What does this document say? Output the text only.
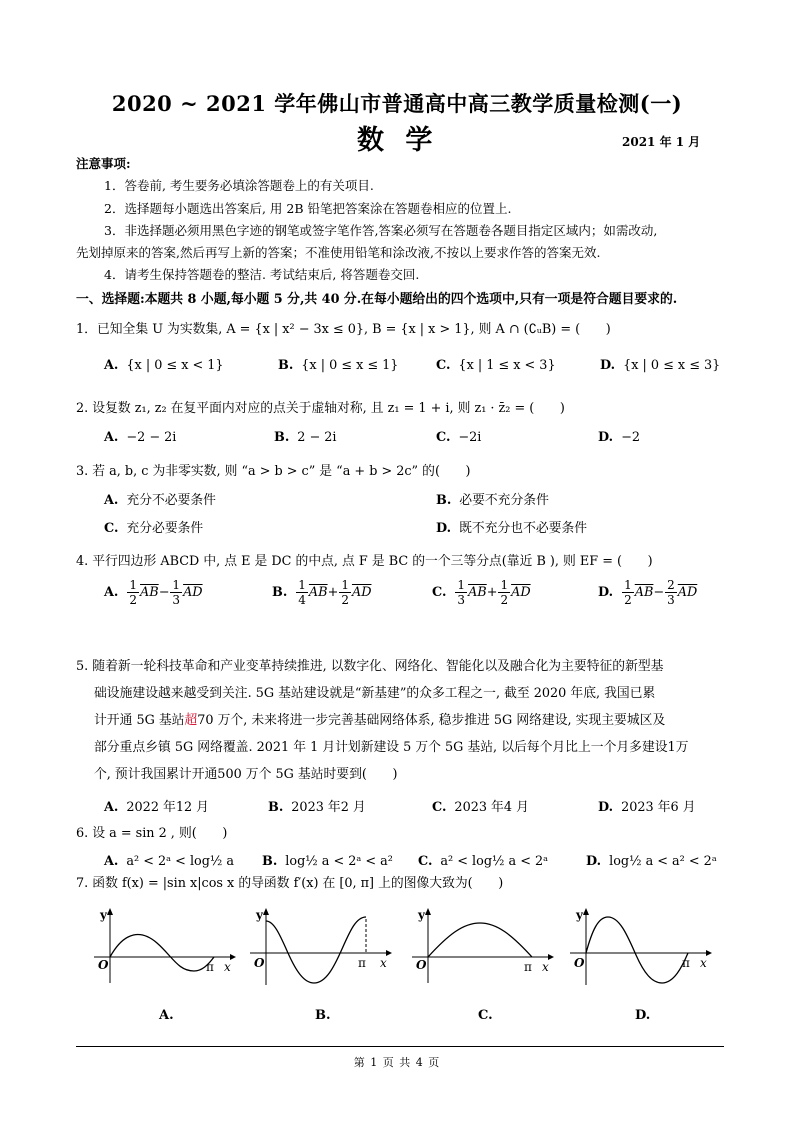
2020 ~ 2021 学年佛山市普通高中高三教学质量检测(一)
数 学	2021 年 1 月
注意事项:
1．答卷前, 考生要务必填涂答题卷上的有关项目.
2．选择题每小题选出答案后, 用 2B 铅笔把答案涂在答题卷相应的位置上.
3．非选择题必须用黑色字迹的钢笔或签字笔作答,答案必须写在答题卷各题目指定区域内；如需改动,
先划掉原来的答案,然后再写上新的答案；不准使用铅笔和涂改液,不按以上要求作答的答案无效.
4．请考生保持答题卷的整洁. 考试结束后, 将答题卷交回.
一、选择题:本题共 8 小题,每小题 5 分,共 40 分.在每小题给出的四个选项中,只有一项是符合题目要求的.
1．已知全集 U 为实数集, A = {x | x² − 3x ≤ 0}, B = {x | x > 1}, 则 A ∩ (∁ᵤB) = (　　)
A. {x | 0 ≤ x < 1}	B. {x | 0 ≤ x ≤ 1}	C. {x | 1 ≤ x < 3}	D. {x | 0 ≤ x ≤ 3}
2. 设复数 z₁, z₂ 在复平面内对应的点关于虚轴对称, 且 z₁ = 1 + i, 则 z₁ · z̄₂ = (　　)
A. −2 − 2i	B. 2 − 2i	C. −2i	D. −2
3. 若 a, b, c 为非零实数, 则 “a > b > c” 是 “a + b > 2c” 的(　　)
A. 充分不必要条件	B. 必要不充分条件
C. 充分必要条件	D. 既不充分也不必要条件
4. 平行四边形 ABCD 中, 点 E 是 DC 的中点, 点 F 是 BC 的一个三等分点(靠近 B ), 则 EF = (　　)
A. $\frac{1}{2} \overline{AB}- \frac{1}{3} \overline{AD}$	B. $\frac{1}{4} \overline{AB}+ \frac{1}{2} \overline{AD}$	C. $\frac{1}{3} \overline{AB}+ \frac{1}{2} \overline{AD}$	D. $\frac{1}{2} \overline{AB}- \frac{2}{3} \overline{AD}$
5. 随着新一轮科技革命和产业变革持续推进, 以数字化、网络化、智能化以及融合化为主要特征的新型基
础设施建设越来越受到关注. 5G 基站建设就是“新基建”的众多工程之一, 截至 2020 年底, 我国已累
计开通 5G 基站超70 万个, 未来将进一步完善基础网络体系, 稳步推进 5G 网络建设, 实现主要城区及
部分重点乡镇 5G 网络覆盖. 2021 年 1 月计划新建设 5 万个 5G 基站, 以后每个月比上一个月多建设1万
个, 预计我国累计开通500 万个 5G 基站时要到(　　)
A. 2022 年12 月	B. 2023 年2 月	C. 2023 年4 月	D. 2023 年6 月
6. 设 a = sin 2 , 则(　　)
A. a² < 2ᵃ < log½ a B. log½ a < 2ᵃ < a² C. a² < log½ a < 2ᵃ	D. log½ a < a² < 2ᵃ
7. 函数 f(x) = |sin x|cos x 的导函数 f′(x) 在 [0, π] 上的图像大致为(　　)
y
O	π x
A.
y
O	π x
B.
y
O	π x
C.
y
O	π x
D.
第 1 页 共 4 页
